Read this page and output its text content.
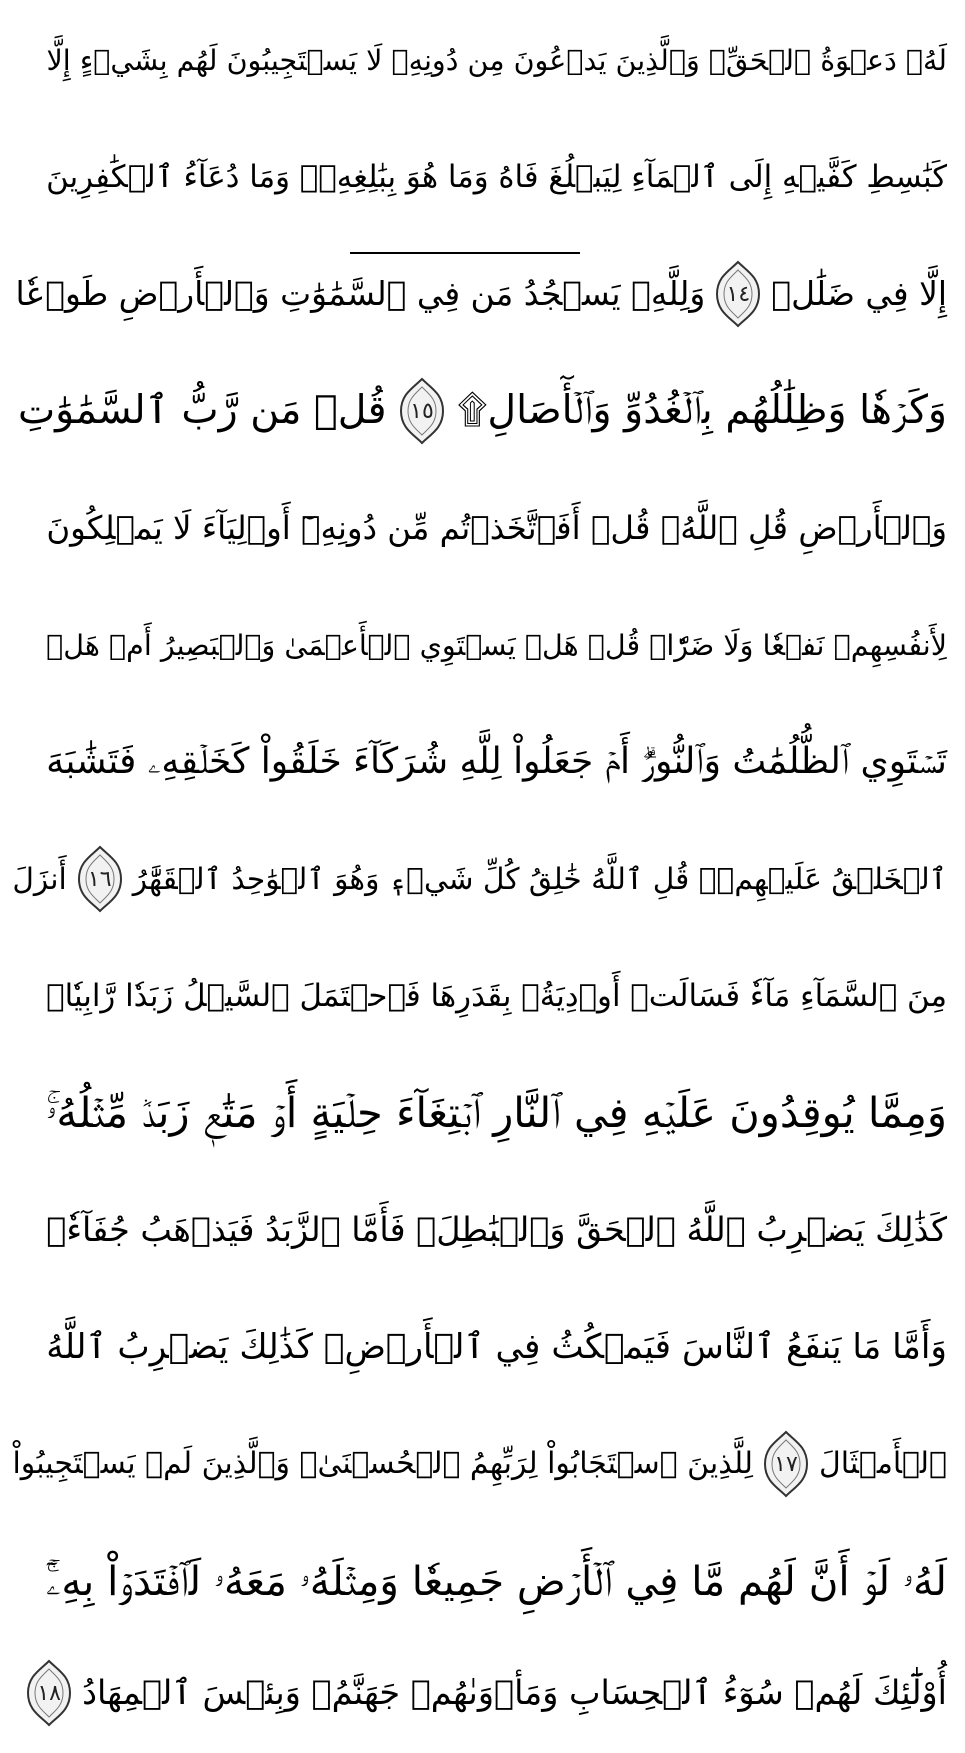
لَهُۥ دَعۡوَةُ ٱلۡحَقِّۚ وَٱلَّذِينَ يَدۡعُونَ مِن دُونِهِۦ لَا يَسۡتَجِيبُونَ لَهُم بِشَيۡءٍ إِلَّا
كَبَٰسِطِ كَفَّيۡهِ إِلَى ٱلۡمَآءِ لِيَبۡلُغَ فَاهُ وَمَا هُوَ بِبَٰلِغِهِۦۚ وَمَا دُعَآءُ ٱلۡكَٰفِرِينَ
إِلَّا فِي ضَلَٰلٖ
١٤
وَلِلَّهِۤ يَسۡجُدُ مَن فِي ٱلسَّمَٰوَٰتِ وَٱلۡأَرۡضِ طَوۡعٗا
وَكَرۡهٗا وَظِلَٰلُهُم بِٱلۡغُدُوِّ وَٱلۡأٓصَالِ۩
١٥
قُلۡ مَن رَّبُّ ٱلسَّمَٰوَٰتِ
وَٱلۡأَرۡضِ قُلِ ٱللَّهُۚ قُلۡ أَفَٱتَّخَذۡتُم مِّن دُونِهِۦٓ أَوۡلِيَآءَ لَا يَمۡلِكُونَ
لِأَنفُسِهِمۡ نَفۡعٗا وَلَا ضَرّٗاۚ قُلۡ هَلۡ يَسۡتَوِي ٱلۡأَعۡمَىٰ وَٱلۡبَصِيرُ أَمۡ هَلۡ
تَسۡتَوِي ٱلظُّلُمَٰتُ وَٱلنُّورُۗ أَمۡ جَعَلُواْ لِلَّهِ شُرَكَآءَ خَلَقُواْ كَخَلۡقِهِۦ فَتَشَٰبَهَ
ٱلۡخَلۡقُ عَلَيۡهِمۡۚ قُلِ ٱللَّهُ خَٰلِقُ كُلِّ شَيۡءٖ وَهُوَ ٱلۡوَٰحِدُ ٱلۡقَهَّٰرُ
١٦
أَنزَلَ
مِنَ ٱلسَّمَآءِ مَآءٗ فَسَالَتۡ أَوۡدِيَةُۢ بِقَدَرِهَا فَٱحۡتَمَلَ ٱلسَّيۡلُ زَبَدٗا رَّابِيٗاۖ
وَمِمَّا يُوقِدُونَ عَلَيۡهِ فِي ٱلنَّارِ ٱبۡتِغَآءَ حِلۡيَةٍ أَوۡ مَتَٰعٖ زَبَدٞ مِّثۡلُهُۥۚ
كَذَٰلِكَ يَضۡرِبُ ٱللَّهُ ٱلۡحَقَّ وَٱلۡبَٰطِلَۚ فَأَمَّا ٱلزَّبَدُ فَيَذۡهَبُ جُفَآءٗۖ
وَأَمَّا مَا يَنفَعُ ٱلنَّاسَ فَيَمۡكُثُ فِي ٱلۡأَرۡضِۚ كَذَٰلِكَ يَضۡرِبُ ٱللَّهُ
ٱلۡأَمۡثَالَ
١٧
لِلَّذِينَ ٱسۡتَجَابُواْ لِرَبِّهِمُ ٱلۡحُسۡنَىٰۚ وَٱلَّذِينَ لَمۡ يَسۡتَجِيبُواْ
لَهُۥ لَوۡ أَنَّ لَهُم مَّا فِي ٱلۡأَرۡضِ جَمِيعٗا وَمِثۡلَهُۥ مَعَهُۥ لَٱفۡتَدَوۡاْ بِهِۦٓۚ
أُوْلَٰٓئِكَ لَهُمۡ سُوٓءُ ٱلۡحِسَابِ وَمَأۡوَىٰهُمۡ جَهَنَّمُۖ وَبِئۡسَ ٱلۡمِهَادُ
١٨
